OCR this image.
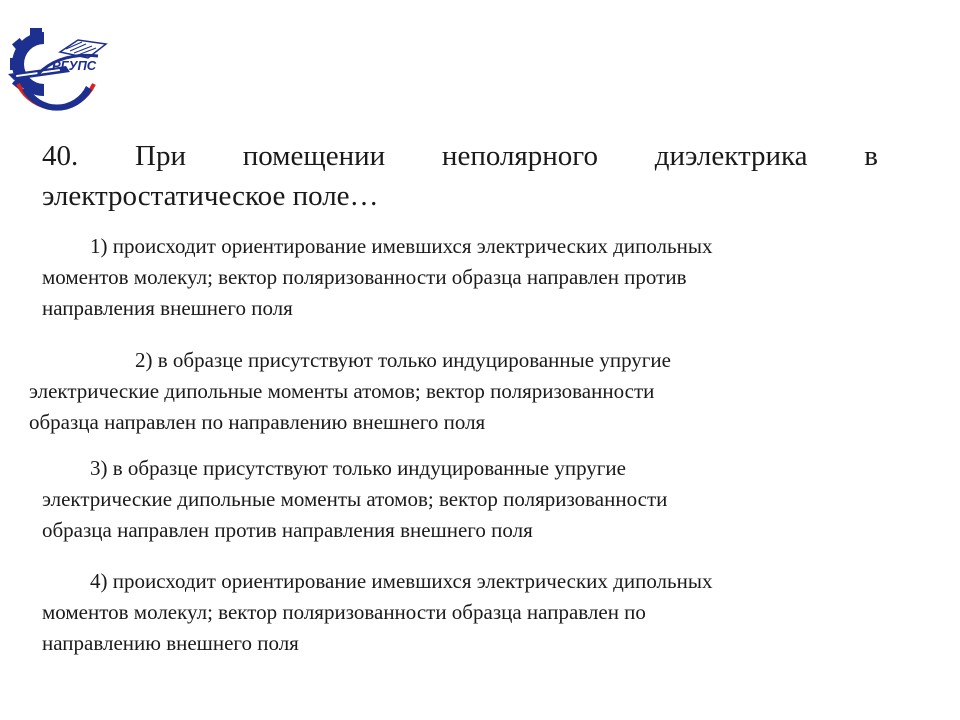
РГУПС
40. При помещении неполярного диэлектрика в
электростатическое поле…
1) происходит ориентирование имевшихся электрических дипольных
моментов молекул; вектор поляризованности образца направлен против
направления внешнего поля
2) в образце присутствуют только индуцированные упругие
электрические дипольные моменты атомов; вектор поляризованности
образца направлен по направлению внешнего поля
3) в образце присутствуют только индуцированные упругие
электрические дипольные моменты атомов; вектор поляризованности
образца направлен против направления внешнего поля
4) происходит ориентирование имевшихся электрических дипольных
моментов молекул; вектор поляризованности образца направлен по
направлению внешнего поля
